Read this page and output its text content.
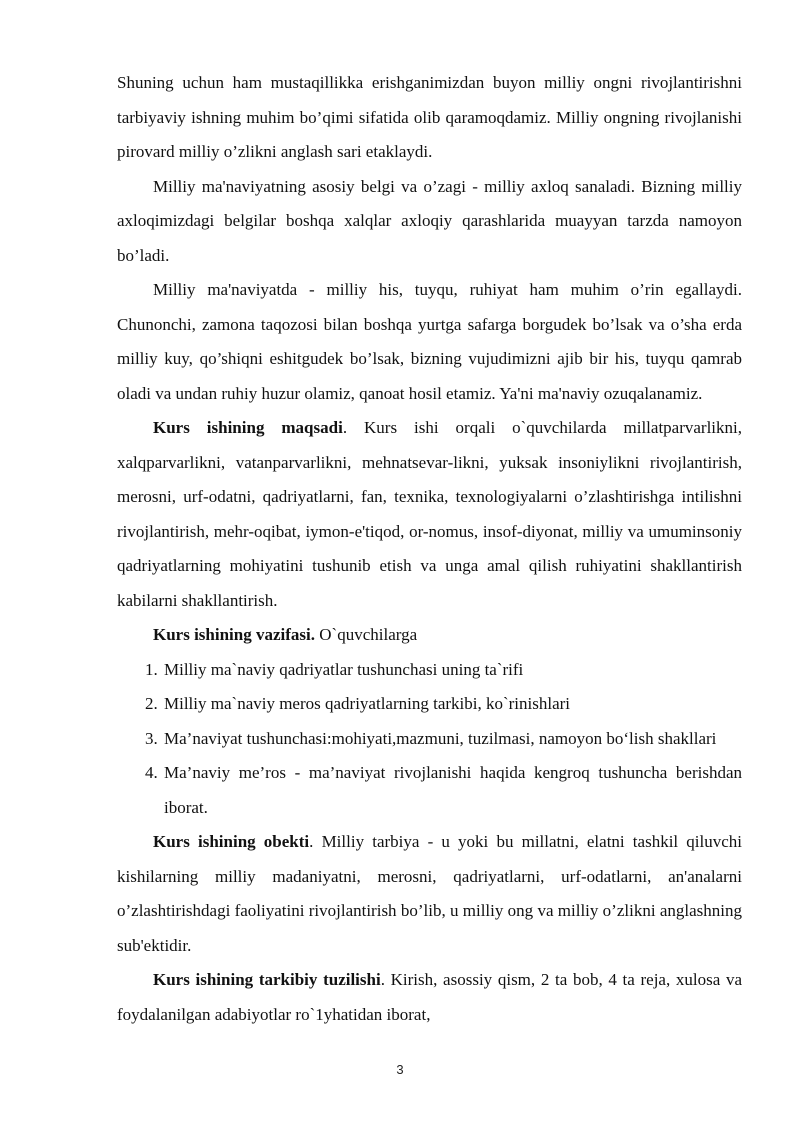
Shuning uchun ham mustaqillikka erishganimizdan buyon milliy ongni rivojlantirishni tarbiyaviy ishning muhim bo’qimi sifatida olib qaramoqdamiz. Milliy ongning rivojlanishi pirovard milliy o’zlikni anglash sari etaklaydi.

Milliy ma'naviyatning asosiy belgi va o’zagi - milliy axloq sanaladi. Bizning milliy axloqimizdagi belgilar boshqa xalqlar axloqiy qarashlarida muayyan tarzda namoyon bo’ladi.

Milliy ma'naviyatda - milliy his, tuyqu, ruhiyat ham muhim o’rin egallaydi. Chunonchi, zamona taqozosi bilan boshqa yurtga safarga borgudek bo’lsak va o’sha erda milliy kuy, qo’shiqni eshitgudek bo’lsak, bizning vujudimizni ajib bir his, tuyqu qamrab oladi va undan ruhiy huzur olamiz, qanoat hosil etamiz. Ya'ni ma'naviy ozuqalanamiz.

Kurs ishining maqsadi. Kurs ishi orqali o`quvchilarda millatparvarlikni, xalqparvarlikni, vatanparvarlikni, mehnatsevar-likni, yuksak insoniylikni rivojlantirish, merosni, urf-odatni, qadriyatlarni, fan, texnika, texnologiyalarni o’zlashtirishga intilishni rivojlantirish, mehr-oqibat, iymon-e'tiqod, or-nomus, insof-diyonat, milliy va umuminsoniy qadriyatlarning mohiyatini tushunib etish va unga amal qilish ruhiyatini shakllantirish kabilarni shakllantirish.

Kurs ishining vazifasi. O`quvchilarga

1. Milliy ma`naviy qadriyatlar tushunchasi uning ta`rifi
2. Milliy ma`naviy meros qadriyatlarning tarkibi, ko`rinishlari
3. Ma’naviyat tushunchasi:mohiyati,mazmuni, tuzilmasi, namoyon bo‘lish shakllari
4. Ma’naviy me’ros - ma’naviyat rivojlanishi haqida kengroq tushuncha berishdan iborat.

Kurs ishining obekti. Milliy tarbiya - u yoki bu millatni, elatni tashkil qiluvchi kishilarning milliy madaniyatni, merosni, qadriyatlarni, urf-odatlarni, an'analarni o’zlashtirishdagi faoliyatini rivojlantirish bo’lib, u milliy ong va milliy o’zlikni anglashning sub'ektidir.

Kurs ishining tarkibiy tuzilishi. Kirish, asossiy qism, 2 ta bob, 4 ta reja, xulosa va foydalanilgan adabiyotlar ro`1yhatidan iborat,

3
